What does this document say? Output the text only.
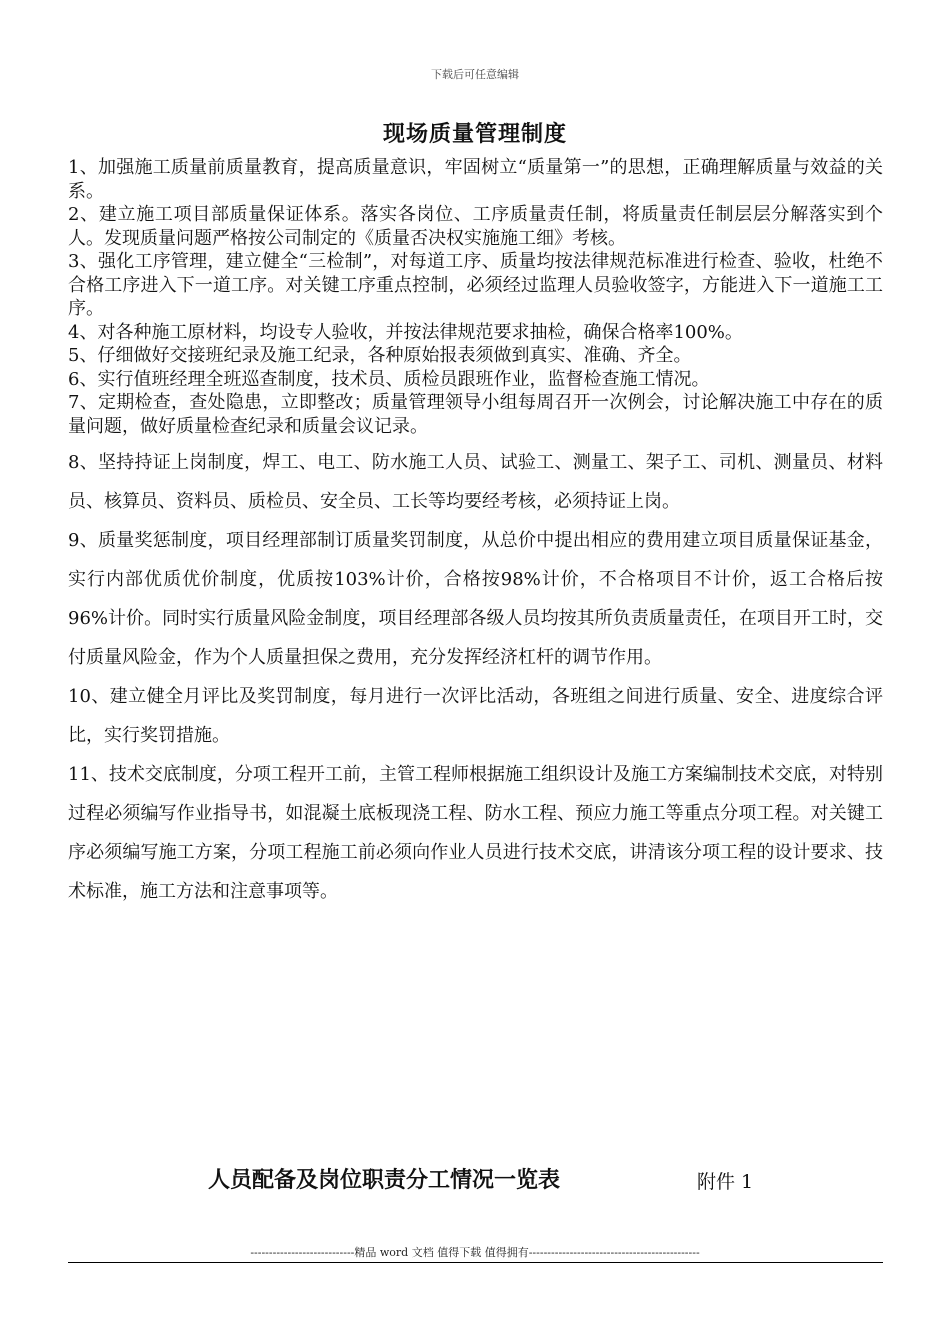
下载后可任意编辑
现场质量管理制度

1、加强施工质量前质量教育，提高质量意识，牢固树立“质量第一”的思想，正确理解质量与效益的关系。

2、建立施工项目部质量保证体系。落实各岗位、工序质量责任制，将质量责任制层层分解落实到个人。发现质量问题严格按公司制定的《质量否决权实施施工细》考核。

3、强化工序管理，建立健全“三检制”，对每道工序、质量均按法律规范标准进行检查、验收，杜绝不合格工序进入下一道工序。对关键工序重点控制，必须经过监理人员验收签字，方能进入下一道施工工序。

4、对各种施工原材料，均设专人验收，并按法律规范要求抽检，确保合格率100%。

5、仔细做好交接班纪录及施工纪录，各种原始报表须做到真实、准确、齐全。

6、实行值班经理全班巡查制度，技术员、质检员跟班作业，监督检查施工情况。

7、定期检查，查处隐患，立即整改；质量管理领导小组每周召开一次例会，讨论解决施工中存在的质量问题，做好质量检查纪录和质量会议记录。

8、坚持持证上岗制度，焊工、电工、防水施工人员、试验工、测量工、架子工、司机、测量员、材料员、核算员、资料员、质检员、安全员、工长等均要经考核，必须持证上岗。

9、质量奖惩制度，项目经理部制订质量奖罚制度，从总价中提出相应的费用建立项目质量保证基金，实行内部优质优价制度，优质按103%计价，合格按98%计价，不合格项目不计价，返工合格后按96%计价。同时实行质量风险金制度，项目经理部各级人员均按其所负责质量责任，在项目开工时，交付质量风险金，作为个人质量担保之费用，充分发挥经济杠杆的调节作用。

10、建立健全月评比及奖罚制度，每月进行一次评比活动，各班组之间进行质量、安全、进度综合评比，实行奖罚措施。

11、技术交底制度，分项工程开工前，主管工程师根据施工组织设计及施工方案编制技术交底，对特别过程必须编写作业指导书，如混凝土底板现浇工程、防水工程、预应力施工等重点分项工程。对关键工序必须编写施工方案，分项工程施工前必须向作业人员进行技术交底，讲清该分项工程的设计要求、技术标准，施工方法和注意事项等。

人员配备及岗位职责分工情况一览表	附件 1
----------------------------精品 word 文档 值得下载 值得拥有----------------------------------------------
